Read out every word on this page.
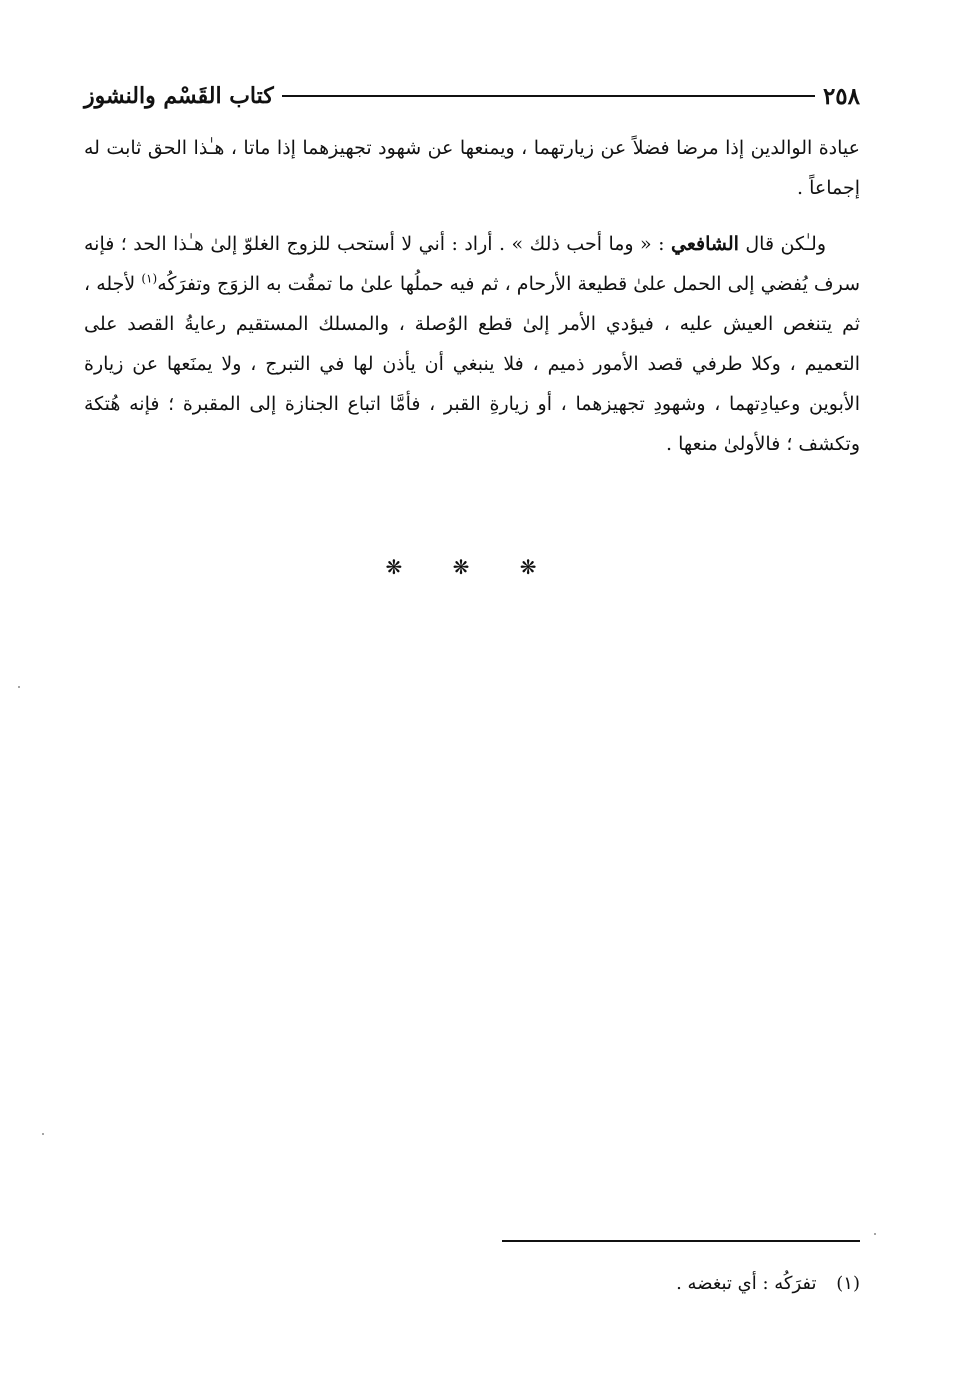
٢٥٨
كتاب القَسْم والنشوز

عيادة الوالدين إذا مرضا فضلاً عن زيارتهما ، ويمنعها عن شهود تجهيزهما إذا ماتا ، هـٰذا الحق ثابت له إجماعاً .

ولـٰكن قال الشافعي : « وما أحب ذلك » . أراد : أني لا أستحب للزوج الغلوّ إلىٰ هـٰذا الحد ؛ فإنه سرف يُفضي إلى الحمل علىٰ قطيعة الأرحام ، ثم فيه حملُها علىٰ ما تمقُت به الزوَج وتفرَكُه$^{(١)}$ لأجله ، ثم يتنغص العيش عليه ، فيؤدي الأمر إلىٰ قطع الوُصلة ، والمسلك المستقيم رعايةُ القصد على التعميم ، وكلا طرفي قصد الأمور ذميم ، فلا ينبغي أن يأذن لها في التبرج ، ولا يمنَعها عن زيارة الأبوين وعيادِتهما ، وشهودِ تجهيزهما ، أو زيارةِ القبر ، فأمَّا اتباع الجنازة إلى المقبرة ؛ فإنه هُتكة وتكشف ؛ فالأولىٰ منعها .

❋ ❋ ❋
(١) تفرَكُه : أي تبغضه .
